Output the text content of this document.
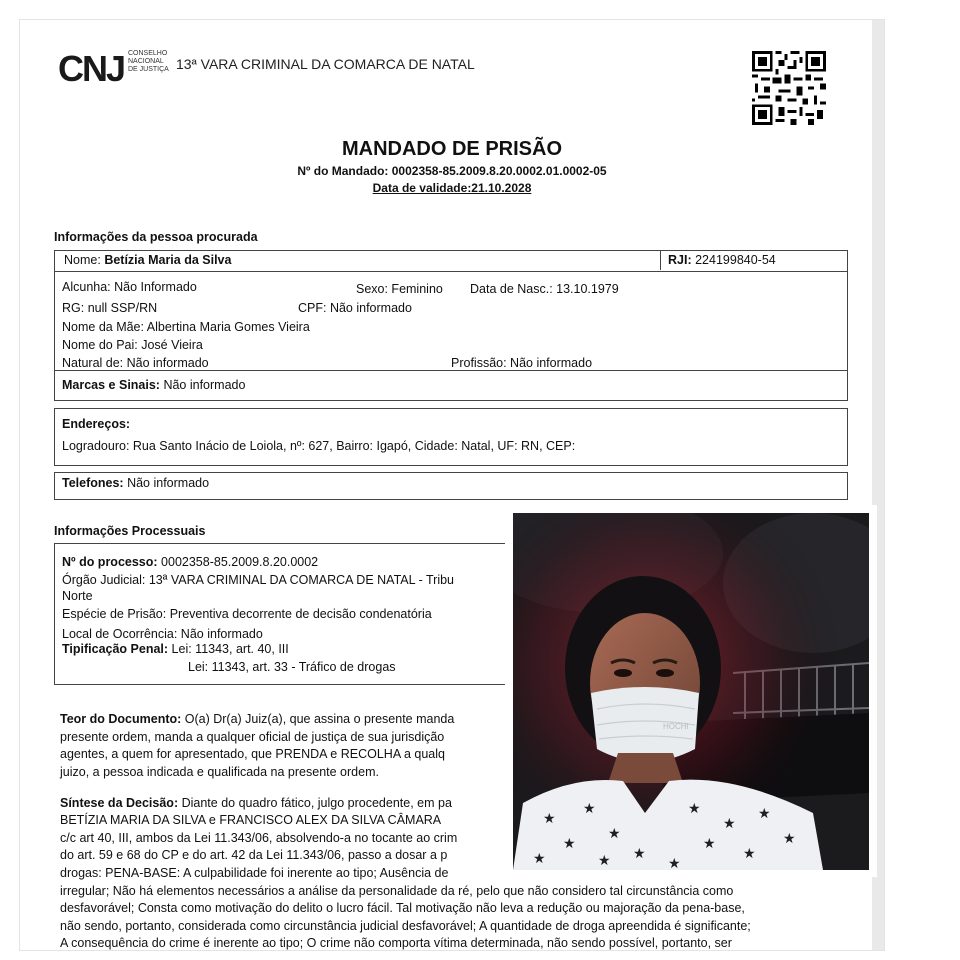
CNJ CONSELHO
NACIONAL
DE JUSTIÇA 13ª VARA CRIMINAL DA COMARCA DE NATAL
MANDADO DE PRISÃO
Nº do Mandado: 0002358-85.2009.8.20.0002.01.0002-05
Data de validade:21.10.2028
Informações da pessoa procurada
Nome: Betízia Maria da Silva	RJI: 224199840-54
Alcunha: Não Informado	Sexo: Feminino Data de Nasc.: 13.10.1979
RG: null SSP/RN	CPF: Não informado
Nome da Mãe: Albertina Maria Gomes Vieira
Nome do Pai: José Vieira
Natural de: Não informado	Profissão: Não informado
Marcas e Sinais: Não informado
Endereços:
Logradouro: Rua Santo Inácio de Loiola, nº: 627, Bairro: Igapó, Cidade: Natal, UF: RN, CEP:
Telefones: Não informado
Informações Processuais
Nº do processo: 0002358-85.2009.8.20.0002
Órgão Judicial: 13ª VARA CRIMINAL DA COMARCA DE NATAL - Tribu
Norte
Espécie de Prisão: Preventiva decorrente de decisão condenatória
Local de Ocorrência: Não informado
Tipificação Penal: Lei: 11343, art. 40, III
Lei: 11343, art. 33 - Tráfico de drogas
Teor do Documento: O(a) Dr(a) Juiz(a), que assina o presente manda
presente ordem, manda a qualquer oficial de justiça de sua jurisdição
agentes, a quem for apresentado, que PRENDA e RECOLHA a qualq
juizo, a pessoa indicada e qualificada na presente ordem.
Síntese da Decisão: Diante do quadro fático, julgo procedente, em pa
BETÍZIA MARIA DA SILVA e FRANCISCO ALEX DA SILVA CÂMARA
c/c art 40, III, ambos da Lei 11.343/06, absolvendo-a no tocante ao crim
do art. 59 e 68 do CP e do art. 42 da Lei 11.343/06, passo a dosar a p
drogas: PENA-BASE: A culpabilidade foi inerente ao tipo; Ausência de
irregular; Não há elementos necessários a análise da personalidade da ré, pelo que não considero tal circunstância como
desfavorável; Consta como motivação do delito o lucro fácil. Tal motivação não leva a redução ou majoração da pena-base,
não sendo, portanto, considerada como circunstância judicial desfavorável; A quantidade de droga apreendida é significante;
A consequência do crime é inerente ao tipo; O crime não comporta vítima determinada, não sendo possível, portanto, ser
HOCHI
★
★
★
★
★	★
★
★
★
★
★
★
★
★
